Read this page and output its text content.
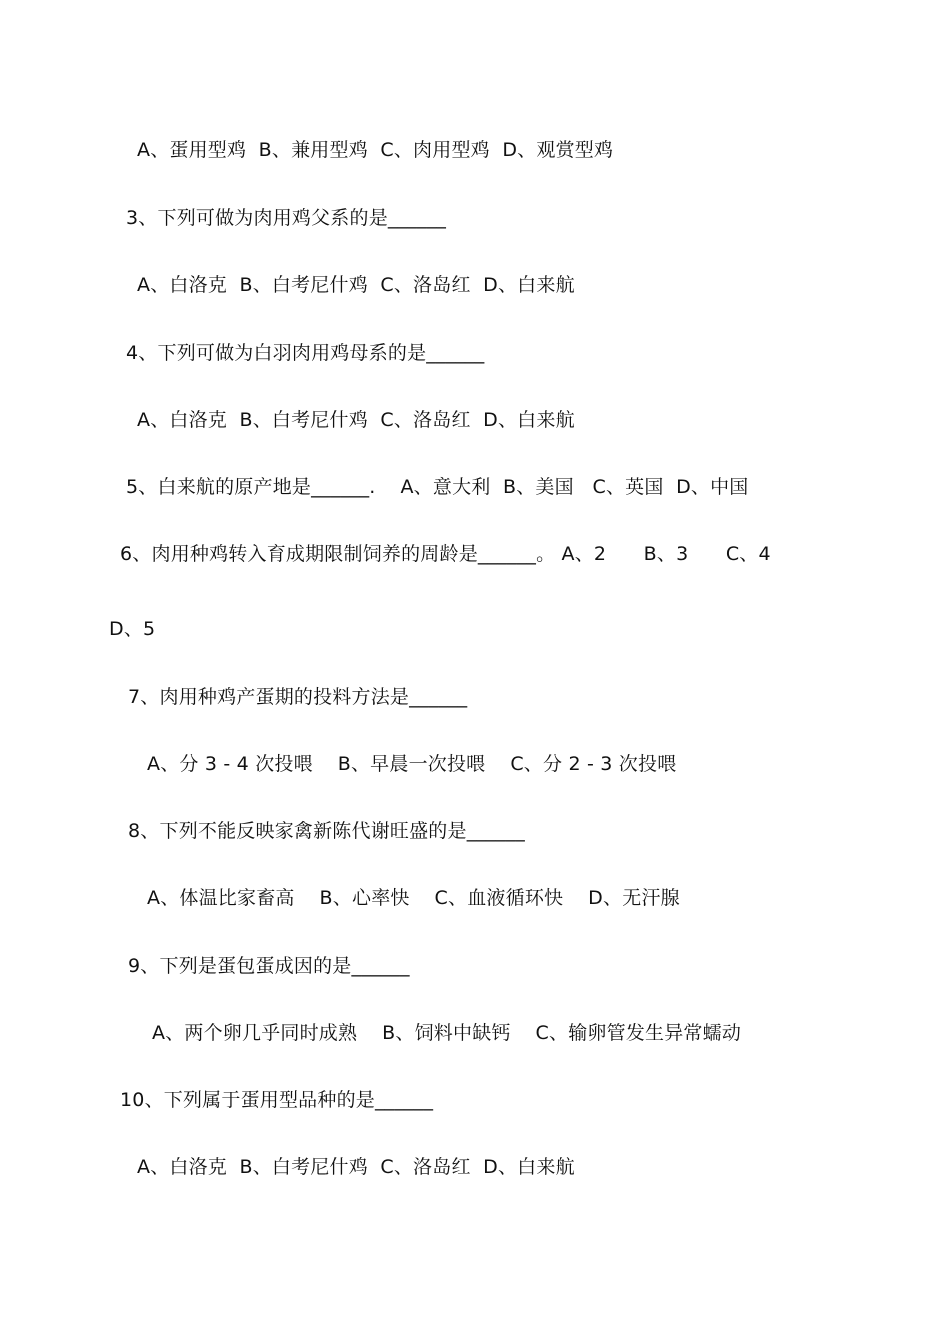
A、蛋用型鸡  B、兼用型鸡  C、肉用型鸡  D、观赏型鸡
3、下列可做为肉用鸡父系的是______
A、白洛克  B、白考尼什鸡  C、洛岛红  D、白来航
4、下列可做为白羽肉用鸡母系的是______
A、白洛克  B、白考尼什鸡  C、洛岛红  D、白来航
5、白来航的原产地是______.    A、意大利  B、美国   C、英国  D、中国
6、肉用种鸡转入育成期限制饲养的周龄是______。 A、2      B、3      C、4
D、5
7、肉用种鸡产蛋期的投料方法是______
A、分 3 - 4 次投喂    B、早晨一次投喂    C、分 2 - 3 次投喂
8、下列不能反映家禽新陈代谢旺盛的是______
A、体温比家畜高    B、心率快    C、血液循环快    D、无汗腺
9、下列是蛋包蛋成因的是______
A、两个卵几乎同时成熟    B、饲料中缺钙    C、输卵管发生异常蠕动
10、下列属于蛋用型品种的是______
A、白洛克  B、白考尼什鸡  C、洛岛红  D、白来航
